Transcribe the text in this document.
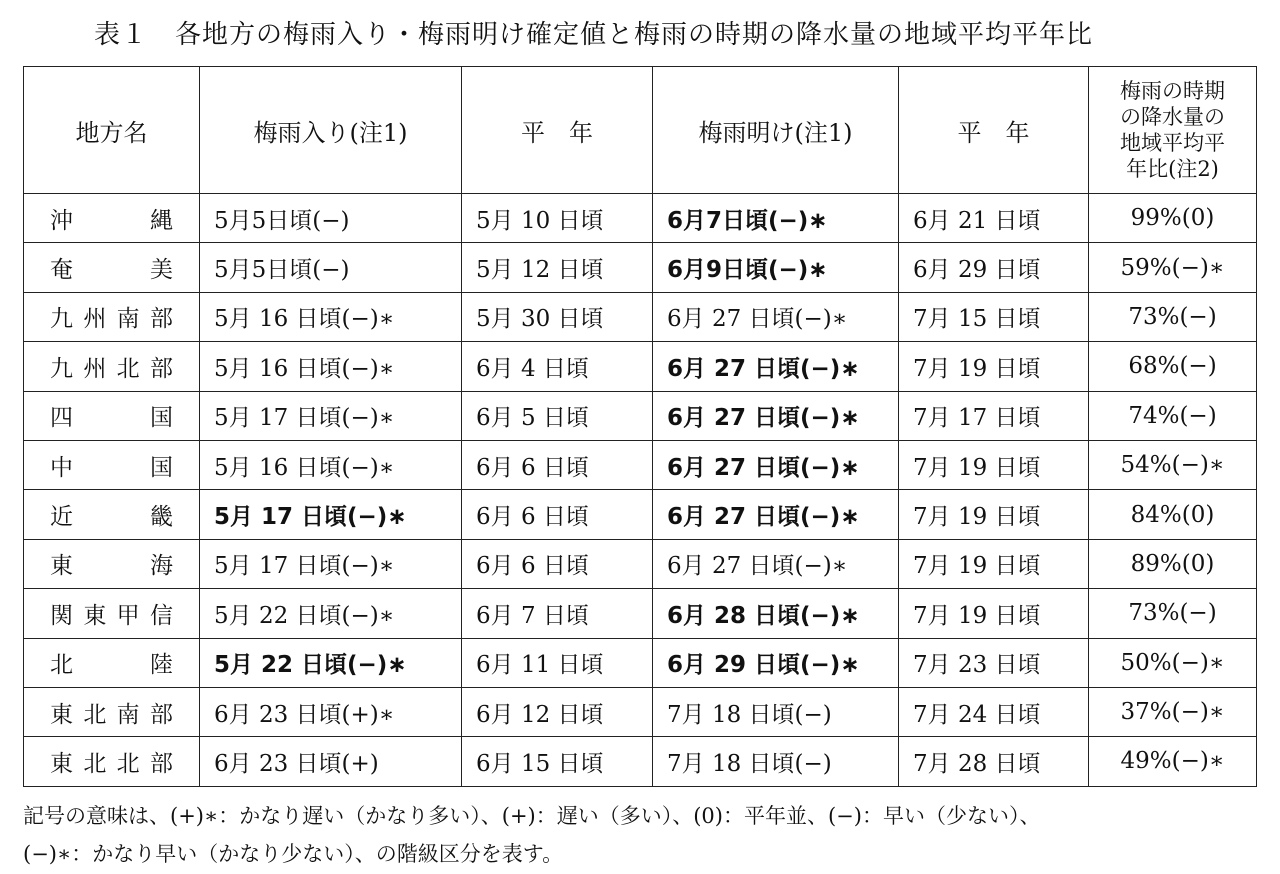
表１　各地方の梅雨入り・梅雨明け確定値と梅雨の時期の降水量の地域平均平年比
地方名	梅雨入り(注1)	平　年	梅雨明け(注1)	平　年	梅雨の時期
の降水量の
地域平均平
年比(注2)

沖縄	5月5日頃(−)	5月 10 日頃	6月7日頃(−)∗	6月 21 日頃	99%(0)
奄美	5月5日頃(−)	5月 12 日頃	6月9日頃(−)∗	6月 29 日頃	59%(−)∗
九州南部	5月 16 日頃(−)∗	5月 30 日頃	6月 27 日頃(−)∗	7月 15 日頃	73%(−)
九州北部	5月 16 日頃(−)∗	6月 4 日頃	6月 27 日頃(−)∗	7月 19 日頃	68%(−)
四国	5月 17 日頃(−)∗	6月 5 日頃	6月 27 日頃(−)∗	7月 17 日頃	74%(−)
中国	5月 16 日頃(−)∗	6月 6 日頃	6月 27 日頃(−)∗	7月 19 日頃	54%(−)∗
近畿	5月 17 日頃(−)∗	6月 6 日頃	6月 27 日頃(−)∗	7月 19 日頃	84%(0)
東海	5月 17 日頃(−)∗	6月 6 日頃	6月 27 日頃(−)∗	7月 19 日頃	89%(0)
関東甲信	5月 22 日頃(−)∗	6月 7 日頃	6月 28 日頃(−)∗	7月 19 日頃	73%(−)
北陸	5月 22 日頃(−)∗	6月 11 日頃	6月 29 日頃(−)∗	7月 23 日頃	50%(−)∗
東北南部	6月 23 日頃(+)∗	6月 12 日頃	7月 18 日頃(−)	7月 24 日頃	37%(−)∗
東北北部	6月 23 日頃(+)	6月 15 日頃	7月 18 日頃(−)	7月 28 日頃	49%(−)∗
記号の意味は、(+)∗：かなり遅い（かなり多い）、(+)：遅い（多い）、(0)：平年並、(−)：早い（少ない）、
(−)∗：かなり早い（かなり少ない）、の階級区分を表す。
